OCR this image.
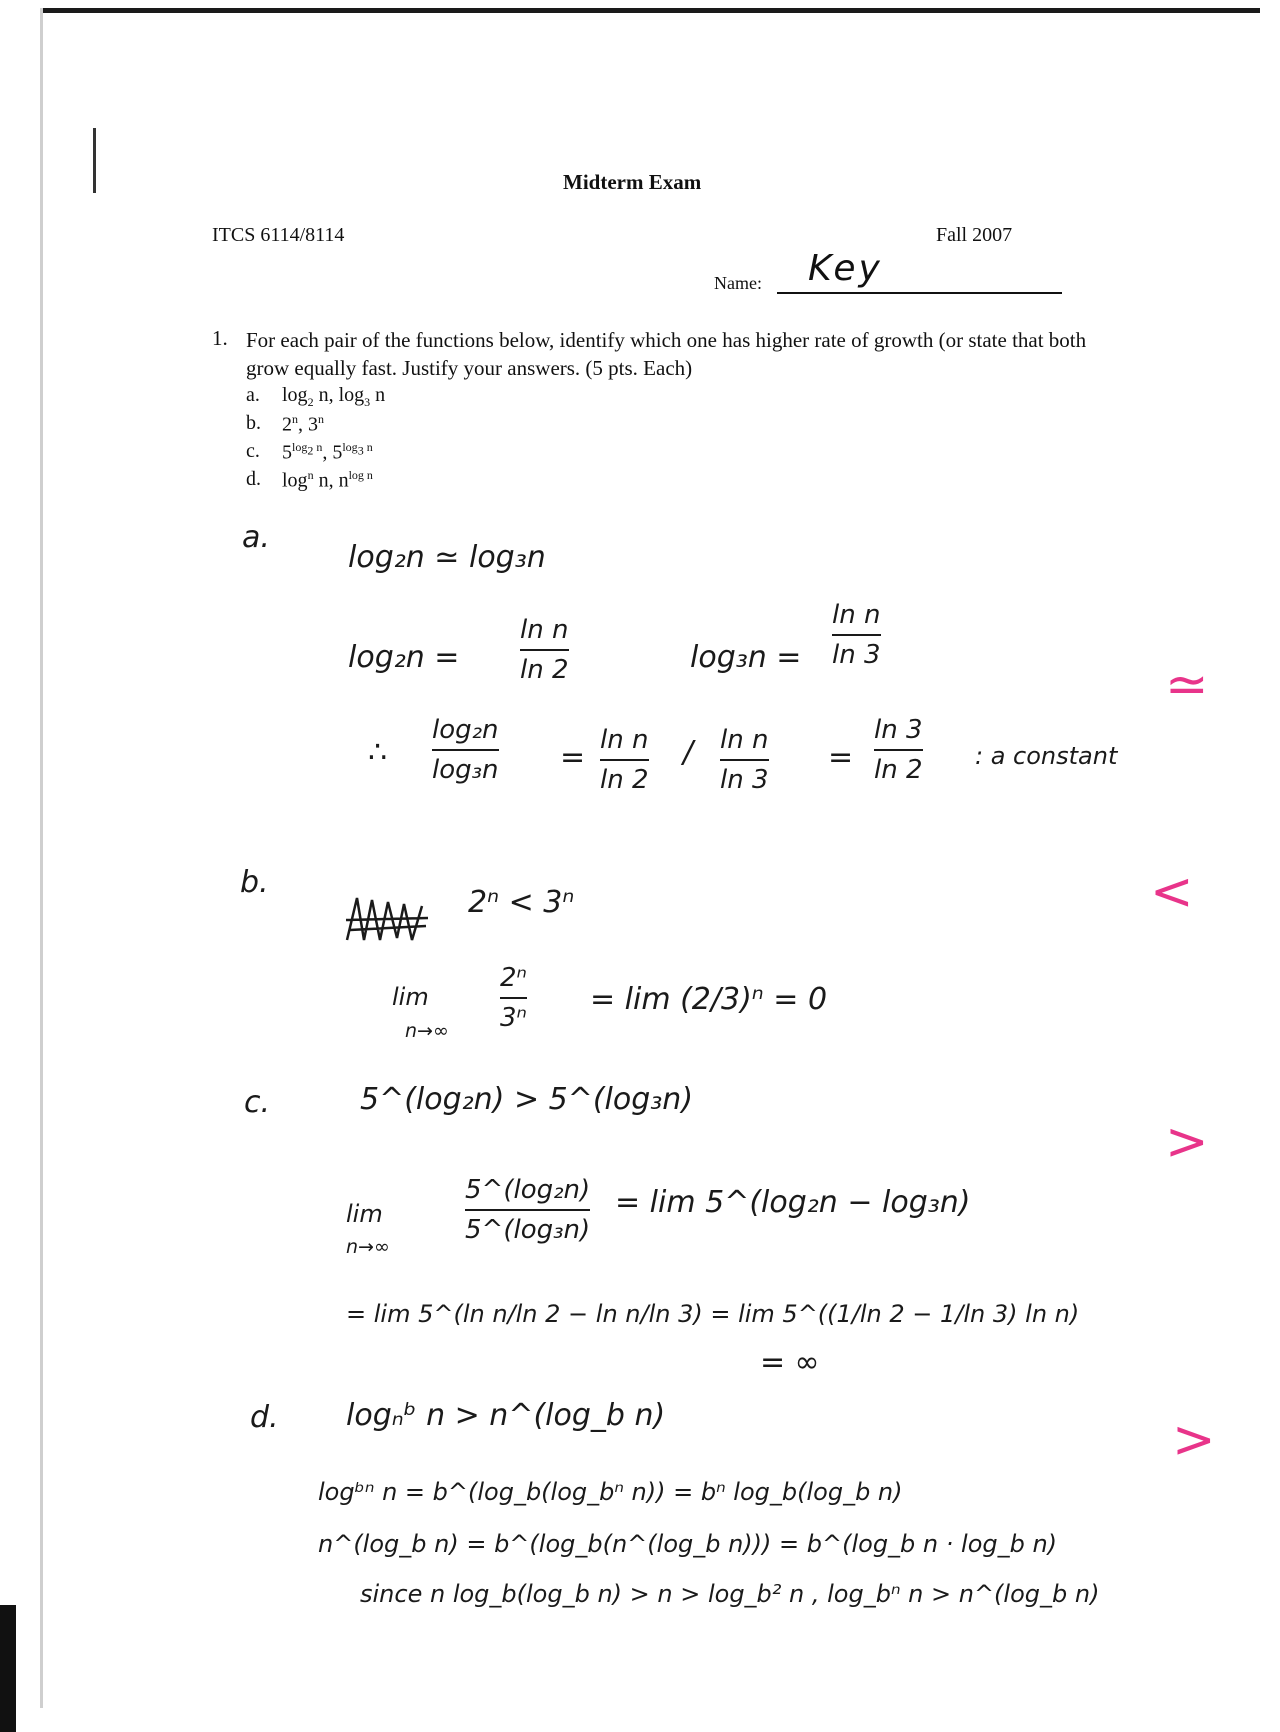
Midterm Exam
ITCS 6114/8114	Fall 2007
Name: Key
1. For each pair of the functions below, identify which one has higher rate of growth (or state that both grow equally fast. Justify your answers. (5 pts. Each)
a. $\log_2 n$, $\log_3 n$
b. 2$^n$, 3$^n$
c. $5^{log_2 n}$, $5^{log_3 n}$
d. $\log^n n$, $n^{log n}$
a.
log₂n ≃ log₃n
log₂n =
ln n
ln 2	log₃n =
ln n
ln 3
∴
log₂n
log₃n = ln n
ln 2
/ ln n
ln 3
=
ln 3
ln 2 : a constant
b.
2ⁿ < 3ⁿ
lim
n→∞
2ⁿ
3ⁿ
= lim (2/3)ⁿ = 0
c.	5^(log₂n) > 5^(log₃n)
lim
n→∞
5^(log₂n)
5^(log₃n)
= lim 5^(log₂n − log₃n)
= lim 5^(ln n/ln 2 − ln n/ln 3) = lim 5^((1/ln 2 − 1/ln 3) ln n)
= ∞
d. logₙᵇ n > n^(log_b n)
logᵇⁿ n = b^(log_b(log_bⁿ n)) = bⁿ log_b(log_b n)
n^(log_b n) = b^(log_b(n^(log_b n))) = b^(log_b n · log_b n)
since n log_b(log_b n) > n > log_b² n , log_bⁿ n > n^(log_b n)
≃
<
>
>
